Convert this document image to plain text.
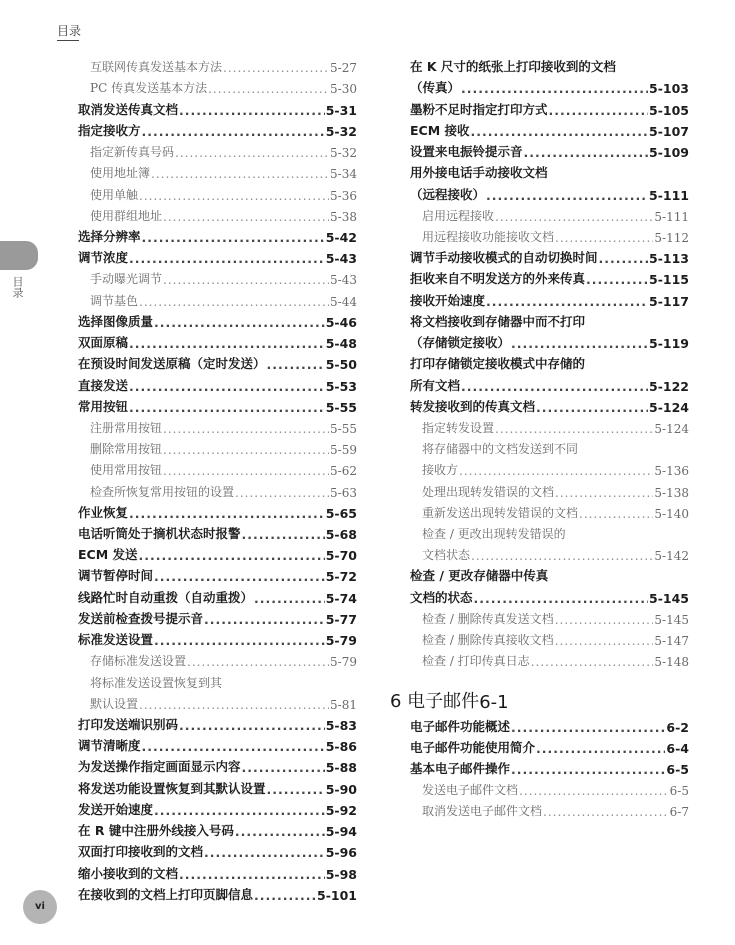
目录
目录
互联网传真发送基本方法 .....	5-27
PC 传真发送基本方法 .....	5-30
取消发送传真文档 .....	5-31
指定接收方 .....	5-32
指定新传真号码 .....	5-32
使用地址簿 .....	5-34
使用单触 .....	5-36
使用群组地址 .....	5-38
选择分辨率 .....	5-42
调节浓度 .....	5-43
手动曝光调节 .....	5-43
调节基色 .....	5-44
选择图像质量 .....	5-46
双面原稿 .....	5-48
在预设时间发送原稿（定时发送） .....	5-50
直接发送 .....	5-53
常用按钮 .....	5-55
注册常用按钮 .....	5-55
删除常用按钮 .....	5-59
使用常用按钮 .....	5-62
检查所恢复常用按钮的设置 .....	5-63
作业恢复 .....	5-65
电话听筒处于摘机状态时报警 .....	5-68
ECM 发送 .....	5-70
调节暂停时间 .....	5-72
线路忙时自动重拨（自动重拨） .....	5-74
发送前检查拨号提示音 .....	5-77
标准发送设置 .....	5-79
存储标准发送设置 .....	5-79
将标准发送设置恢复到其
默认设置 .....	5-81
打印发送端识别码 .....	5-83
调节清晰度 .....	5-86
为发送操作指定画面显示内容 .....	5-88
将发送功能设置恢复到其默认设置 .....	5-90
发送开始速度 .....	5-92
在 R 键中注册外线接入号码 .....	5-94
双面打印接收到的文档 .....	5-96
缩小接收到的文档 .....	5-98
在接收到的文档上打印页脚信息 .....	5-101
在 K 尺寸的纸张上打印接收到的文档
（传真） .....	5-103
墨粉不足时指定打印方式 .....	5-105
ECM 接收 .....	5-107
设置来电振铃提示音 .....	5-109
用外接电话手动接收文档
（远程接收） .....	5-111
启用远程接收 .....	5-111
用远程接收功能接收文档 .....	5-112
调节手动接收模式的自动切换时间 .....	5-113
拒收来自不明发送方的外来传真 .....	5-115
接收开始速度 .....	5-117
将文档接收到存储器中而不打印
（存储锁定接收） .....	5-119
打印存储锁定接收模式中存储的
所有文档 .....	5-122
转发接收到的传真文档 .....	5-124
指定转发设置 .....	5-124
将存储器中的文档发送到不同
接收方 .....	5-136
处理出现转发错误的文档 .....	5-138
重新发送出现转发错误的文档 .....	5-140
检查 / 更改出现转发错误的
文档状态 .....	5-142
检查 / 更改存储器中传真
文档的状态 .....	5-145
检查 / 删除传真发送文档 .....	5-145
检查 / 删除传真接收文档 .....	5-147
检查 / 打印传真日志 .....	5-148
6 电子邮件 6-1
电子邮件功能概述 .....	6-2
电子邮件功能使用简介 .....	6-4
基本电子邮件操作 .....	6-5
发送电子邮件文档 .....	6-5
取消发送电子邮件文档 .....	6-7
vi
